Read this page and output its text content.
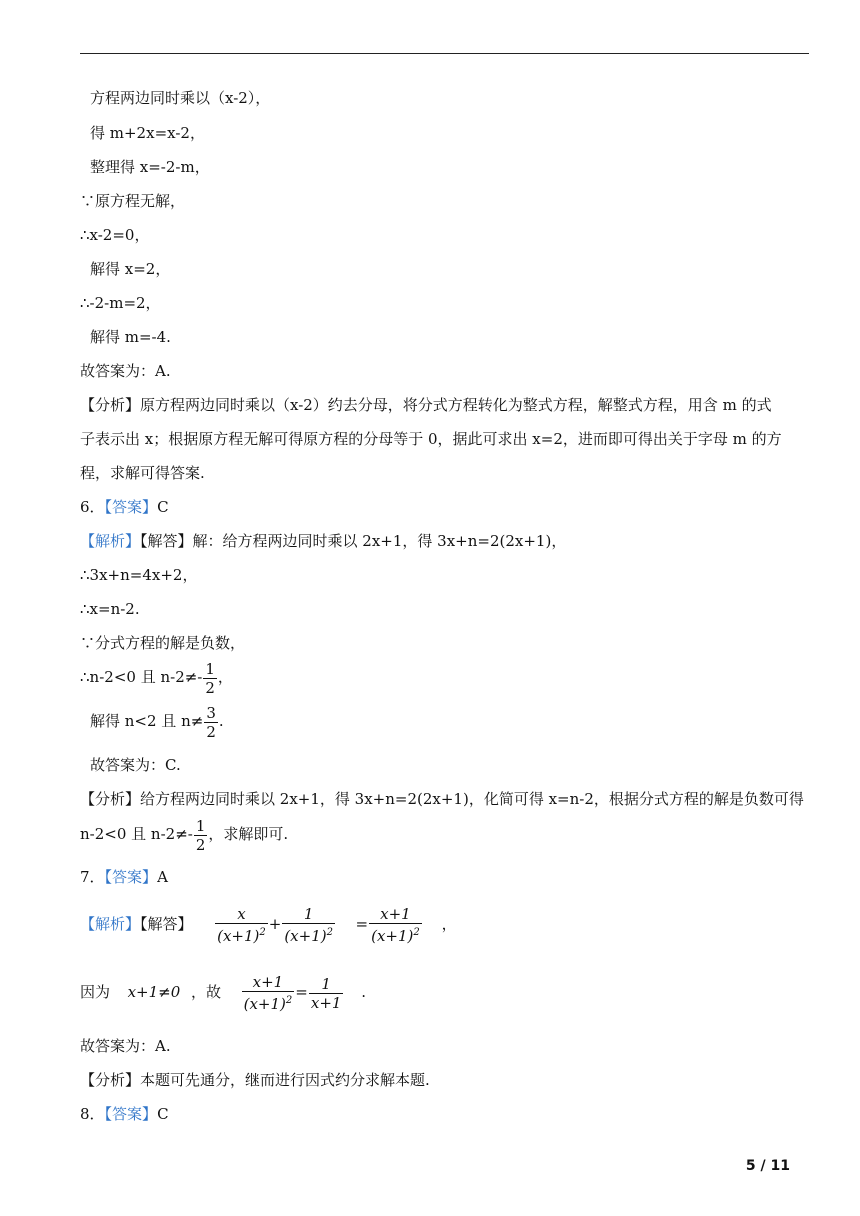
方程两边同时乘以（x-2），
得 m+2x=x-2，
整理得 x=-2-m，
∵原方程无解，
∴x-2=0，
解得 x=2，
∴-2-m=2，
解得 m=-4.
故答案为：A.
【分析】原方程两边同时乘以（x-2）约去分母，将分式方程转化为整式方程，解整式方程，用含 m 的式
子表示出 x；根据原方程无解可得原方程的分母等于 0，据此可求出 x=2，进而即可得出关于字母 m 的方
程，求解可得答案.
6．【答案】C
【解析】【解答】解：给方程两边同时乘以 2x+1，得 3x+n=2(2x+1)，
∴3x+n=4x+2，
∴x=n-2.
∵分式方程的解是负数，
∴n-2<0 且 $n-2\ne- \frac{1}{2}$ ，
解得 n<2 且 $n\ne \frac{3}{2}$ .
故答案为：C.
【分析】给方程两边同时乘以 2x+1，得 3x+n=2(2x+1)，化简可得 x=n-2，根据分式方程的解是负数可得
n-2<0 且 $n-2\ne- \frac{1}{2}$ ，求解即可.
7．【答案】A
【解析】【解答】 $\frac{x}{(x+1)^2} + \frac{1}{(x+1)^2} = \frac{x+1}{(x+1)^2}$ ，
因为 x+1≠0 ，故 $\frac{x+1}{(x+1)^2} = \frac{1}{x+1}$ .
故答案为：A.
【分析】本题可先通分，继而进行因式约分求解本题.
8．【答案】C
5 / 11
